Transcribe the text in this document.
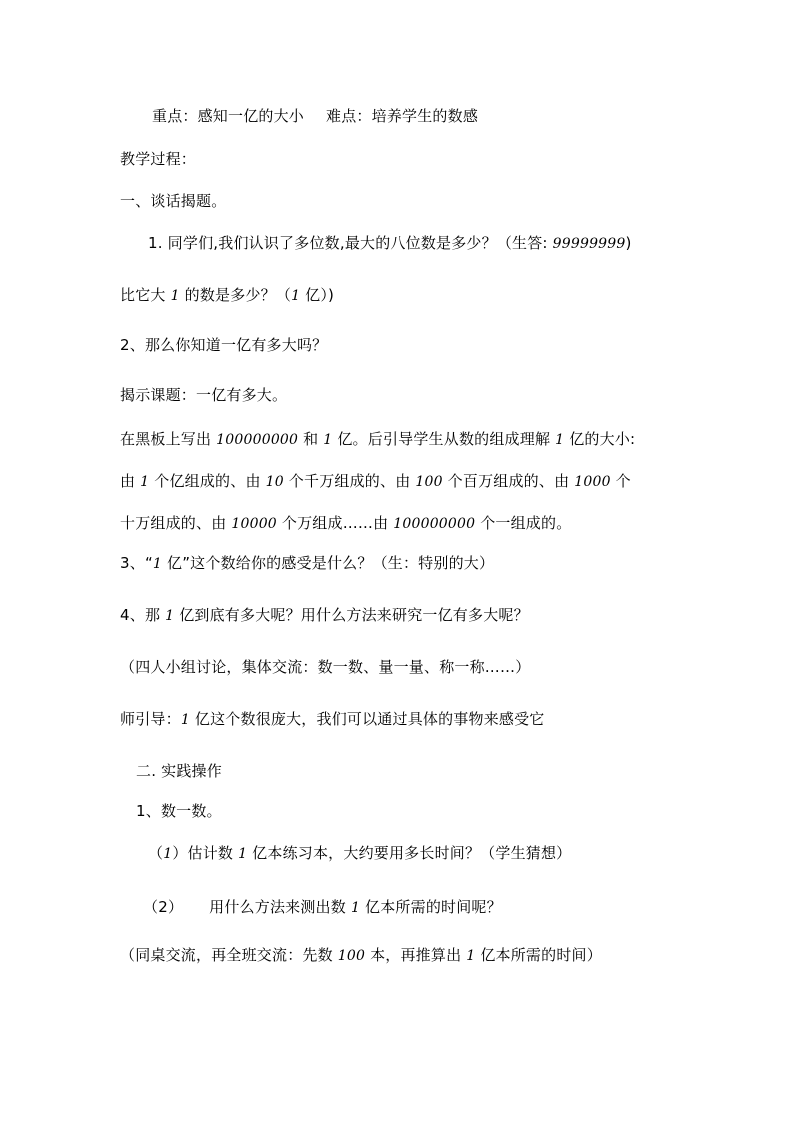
重点：感知一亿的大小 难点：培养学生的数感
教学过程：
一、谈话揭题。
1. 同学们,我们认识了多位数,最大的八位数是多少？（生答: 99999999)
比它大 1 的数是多少？（1 亿）)
2、那么你知道一亿有多大吗？
揭示课题：一亿有多大。
在黑板上写出 100000000 和 1 亿。后引导学生从数的组成理解 1 亿的大小:
由 1 个亿组成的、由 10 个千万组成的、由 100 个百万组成的、由 1000 个
十万组成的、由 10000 个万组成……由 100000000 个一组成的。
3、“1 亿”这个数给你的感受是什么？（生：特别的大）
4、那 1 亿到底有多大呢？用什么方法来研究一亿有多大呢？
（四人小组讨论，集体交流：数一数、量一量、称一称……）
师引导：1 亿这个数很庞大，我们可以通过具体的事物来感受它
二. 实践操作
1、数一数。
（1）估计数 1 亿本练习本，大约要用多长时间？（学生猜想）
（2） 用什么方法来测出数 1 亿本所需的时间呢？
（同桌交流，再全班交流：先数 100 本，再推算出 1 亿本所需的时间）
